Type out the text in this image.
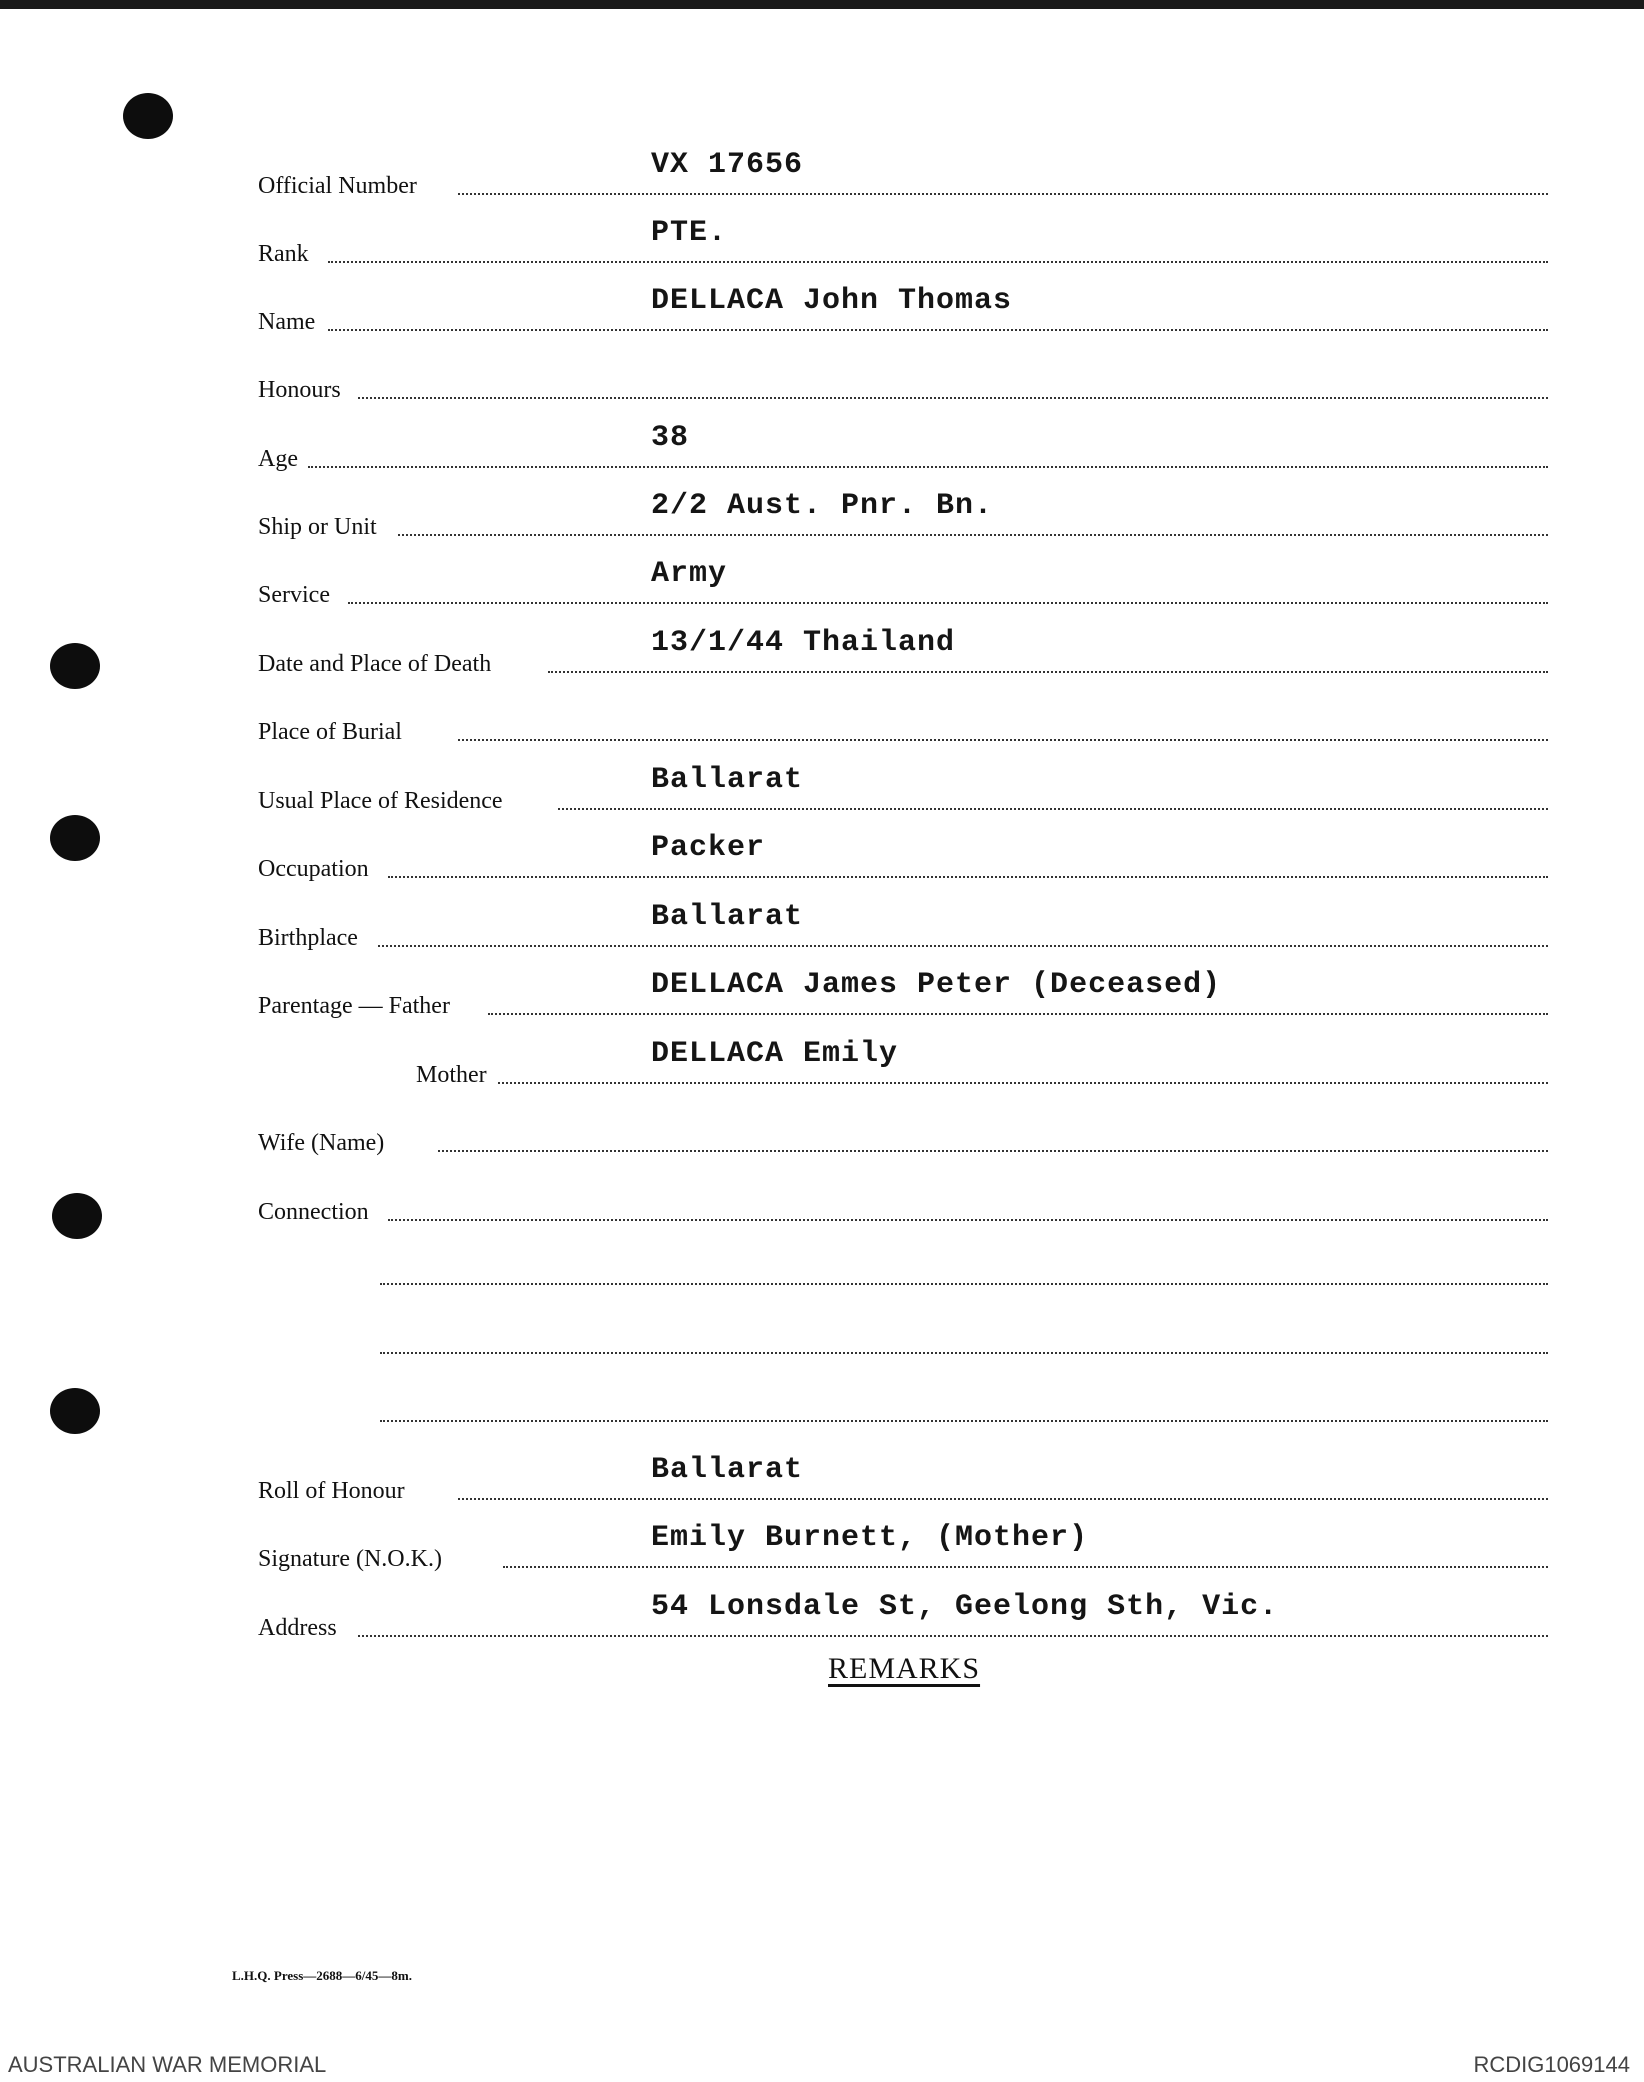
Official Number
VX 17656
Rank
PTE.
Name
DELLACA John Thomas
Honours
Age
38
Ship or Unit
2/2 Aust. Pnr. Bn.
Service
Army
Date and Place of Death
13/1/44 Thailand
Place of Burial
Usual Place of Residence
Ballarat
Occupation
Packer
Birthplace
Ballarat
Parentage — Father
DELLACA James Peter (Deceased)
Mother
DELLACA Emily
Wife (Name)
Connection
Roll of Honour
Ballarat
Signature (N.O.K.)
Emily Burnett, (Mother)
Address
54 Lonsdale St, Geelong Sth, Vic.
REMARKS
L.H.Q. Press—2688—6/45—8m.
AUSTRALIAN WAR MEMORIAL	RCDIG1069144
